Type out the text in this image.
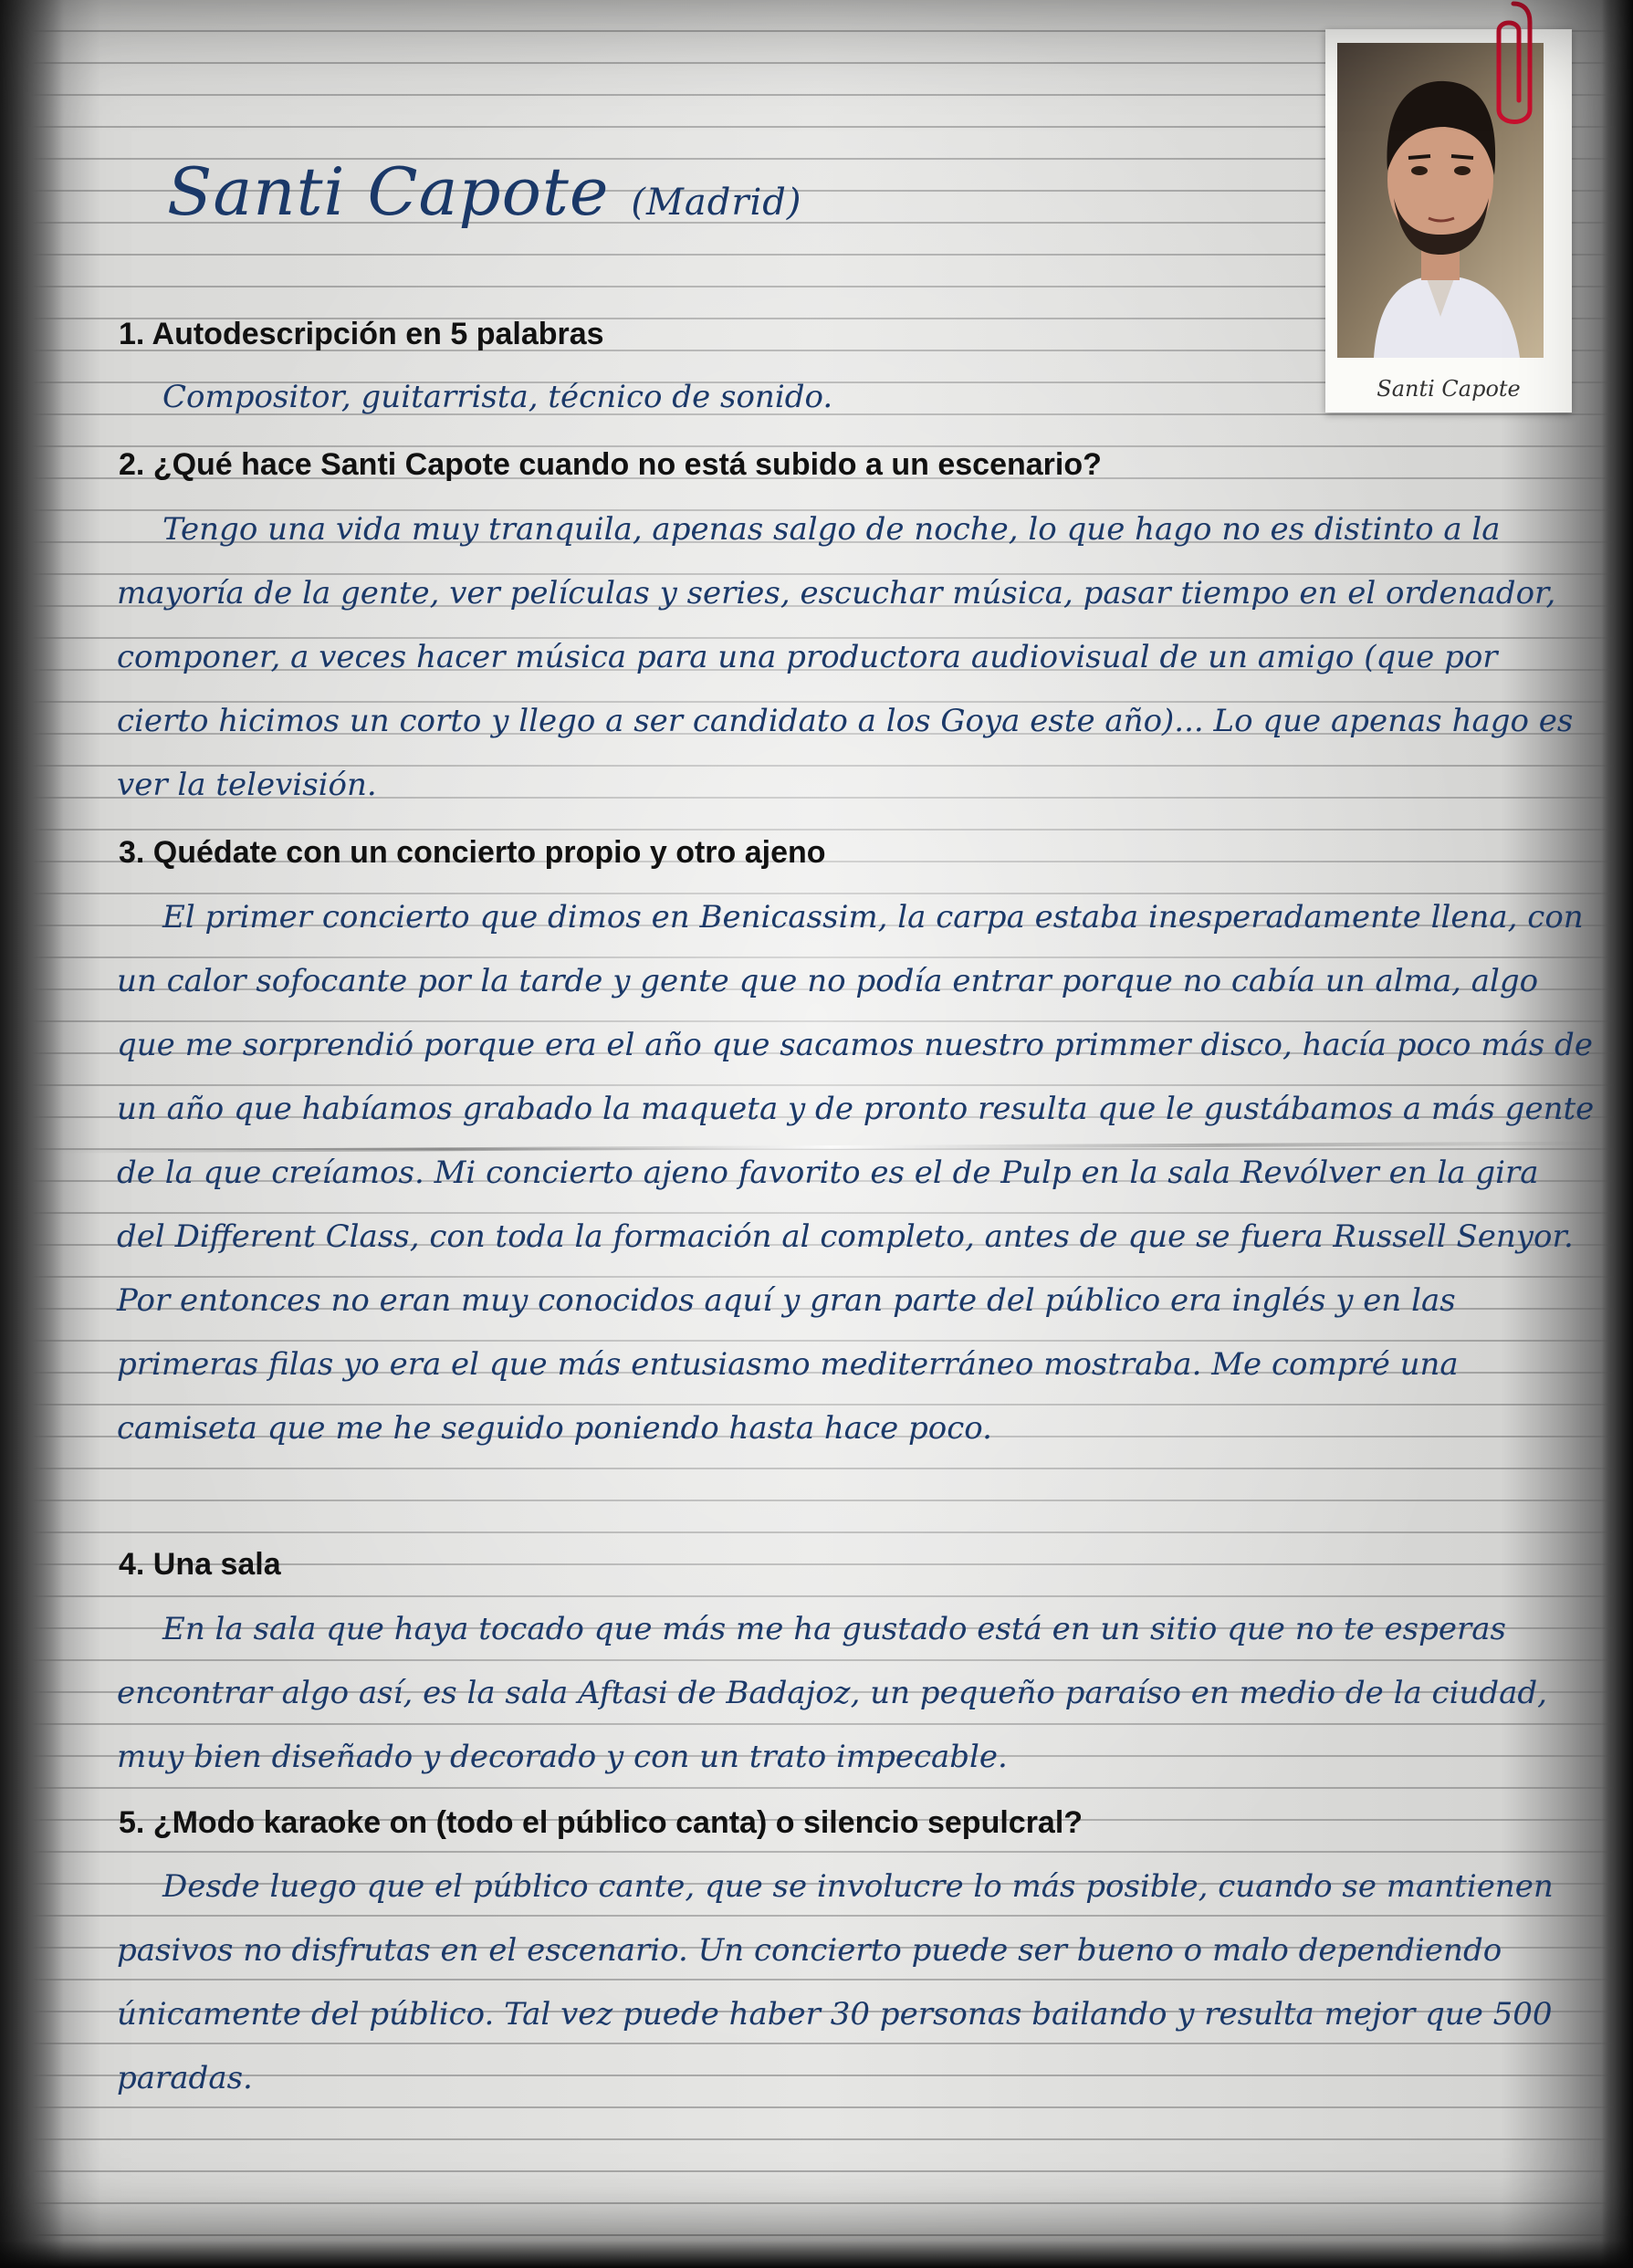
Santi Capote (Madrid)
Santi Capote
1. Autodescripción en 5 palabras

Compositor, guitarrista, técnico de sonido.

2. ¿Qué hace Santi Capote cuando no está subido a un escenario?

Tengo una vida muy tranquila, apenas salgo de noche, lo que hago no es distinto a la mayoría de la gente, ver películas y series, escuchar música, pasar tiempo en el ordenador, componer, a veces hacer música para una productora audiovisual de un amigo (que por cierto hicimos un corto y llego a ser candidato a los Goya este año)... Lo que apenas hago es ver la televisión.

3. Quédate con un concierto propio y otro ajeno

El primer concierto que dimos en Benicassim, la carpa estaba inesperadamente llena, con un calor sofocante por la tarde y gente que no podía entrar porque no cabía un alma, algo que me sorprendió porque era el año que sacamos nuestro primmer disco, hacía poco más de un año que habíamos grabado la maqueta y de pronto resulta que le gustábamos a más gente de la que creíamos. Mi concierto ajeno favorito es el de Pulp en la sala Revólver en la gira del Different Class, con toda la formación al completo, antes de que se fuera Russell Senyor. Por entonces no eran muy conocidos aquí y gran parte del público era inglés y en las primeras filas yo era el que más entusiasmo mediterráneo mostraba. Me compré una camiseta que me he seguido poniendo hasta hace poco.

4. Una sala

En la sala que haya tocado que más me ha gustado está en un sitio que no te esperas encontrar algo así, es la sala Aftasi de Badajoz, un pequeño paraíso en medio de la ciudad, muy bien diseñado y decorado y con un trato impecable.

5. ¿Modo karaoke on (todo el público canta) o silencio sepulcral?

Desde luego que el público cante, que se involucre lo más posible, cuando se mantienen pasivos no disfrutas en el escenario. Un concierto puede ser bueno o malo dependiendo únicamente del público. Tal vez puede haber 30 personas bailando y resulta mejor que 500 paradas.
